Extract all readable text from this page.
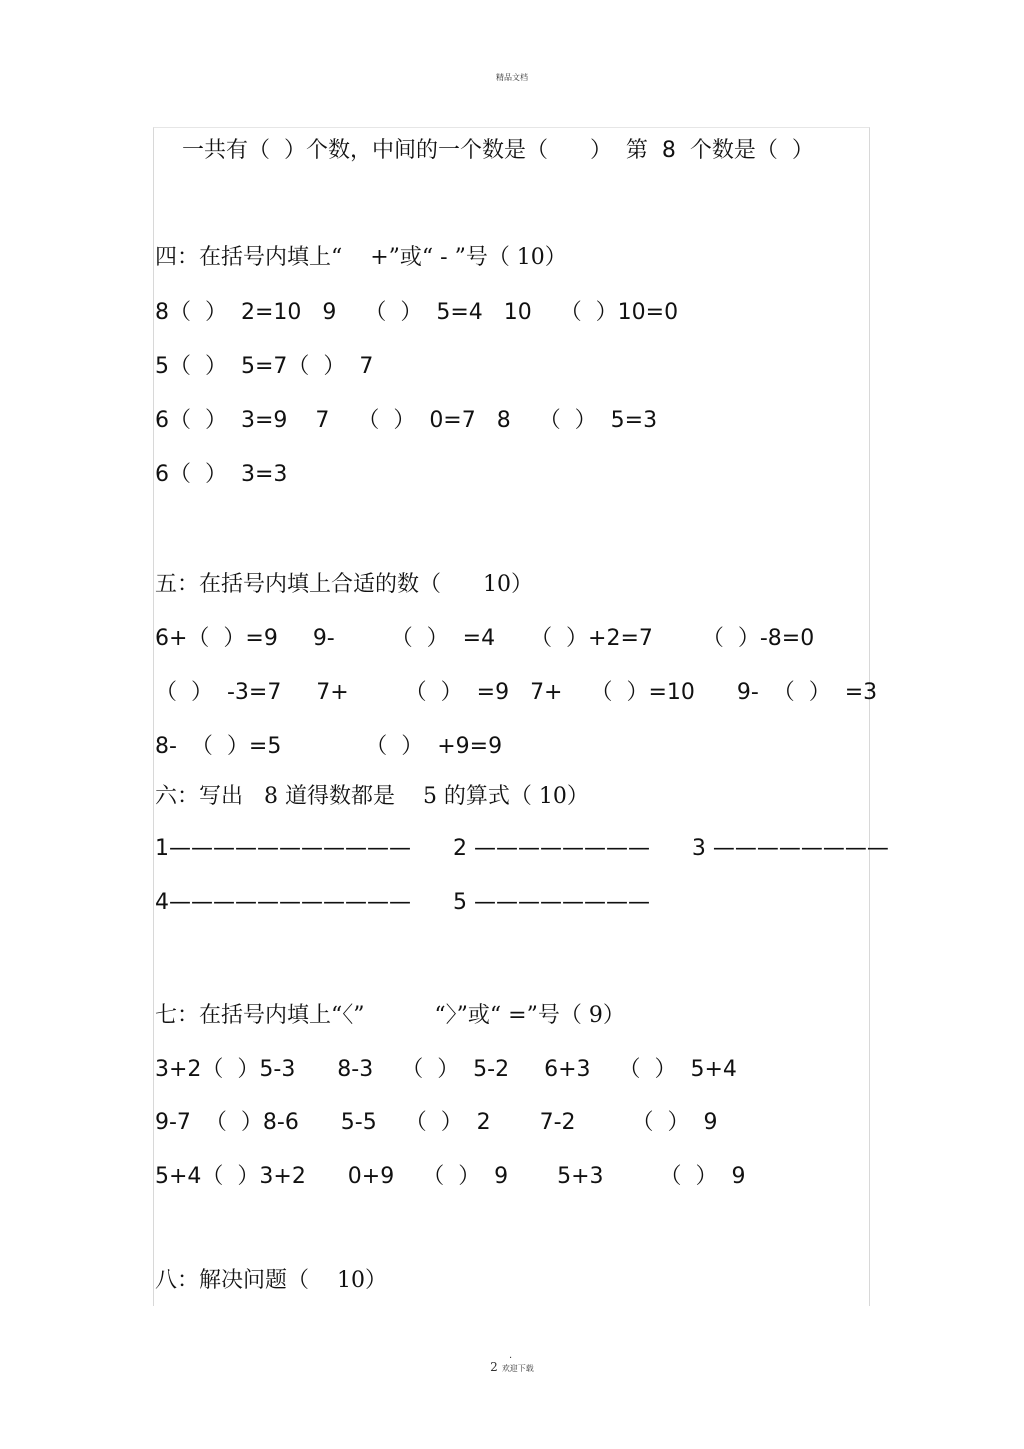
精品文档
一共有（  ）个数，中间的一个数是（      ）  第  8  个数是（  ）
四：在括号内填上“    +”或“ - ”号（ 10）
8（  ）  2=10   9    （  ）  5=4   10    （  ）10=0
5（  ）  5=7（  ）  7
6（  ）  3=9    7    （  ）  0=7   8    （  ）  5=3
6（  ）  3=3
五：在括号内填上合适的数（      10）
6+（  ）=9     9-        （  ）  =4     （  ）+2=7       （  ）-8=0
（  ）  -3=7     7+        （  ）  =9   7+    （  ）=10      9-  （  ）  =3
8-  （  ）=5            （  ）  +9=9
六：写出   8 道得数都是    5 的算式（ 10）
1———————————      2 ————————      3 ————————
4———————————      5 ————————
七：在括号内填上“〈”          “〉”或“ =”号（ 9）
3+2（  ）5-3      8-3    （  ）  5-2     6+3    （  ）  5+4
9-7  （  ）8-6      5-5    （  ）  2       7-2        （  ）  9
5+4（  ）3+2      0+9    （  ）  9       5+3        （  ）  9
八：解决问题（    10）
.
2 欢迎下载
